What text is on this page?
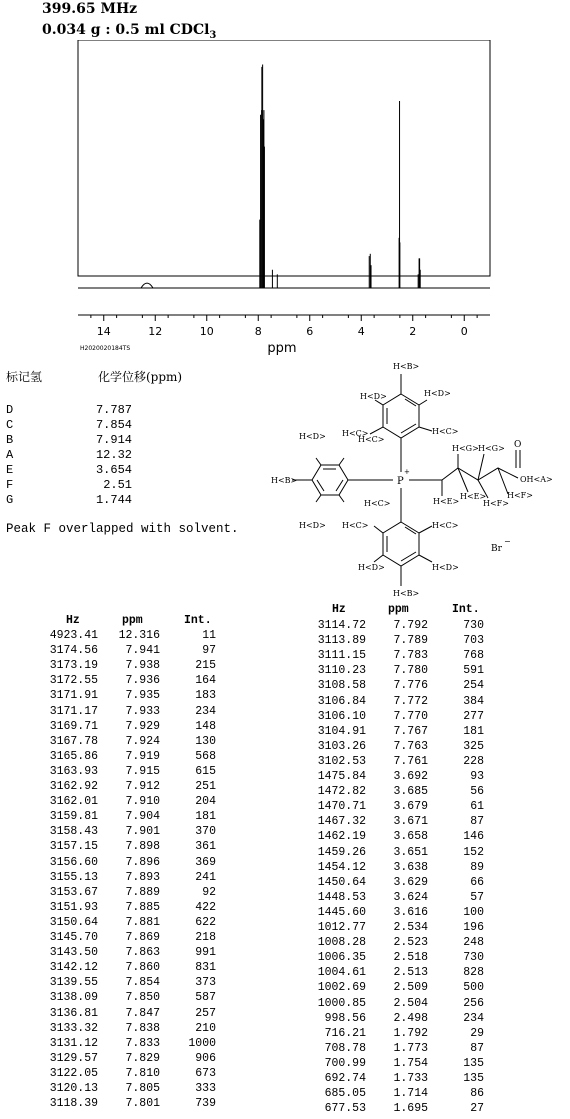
399.65 MHz
0.034 g : 0.5 ml CDCl$_3$
14	12	10	8	6	4	2	0
H2020020184TS	ppm
标记氢	化学位移(ppm)
D	7.787
C	7.854
B	7.914
A	12.32
E	3.654
F	2.51
G	1.744
Peak F overlapped with solvent.
H<B>
H<D>	H<D>
H<C>
H<C>
H<D> H<C>
H<B>
H<D> H<C>
P
+
H<C>
H<C>
H<D>	H<D>
H<B>
H<G> H<G>
H<E>
H<E>
H<F>
H<F>
O
OH<A>
Br
−
Hz	ppm	Int.
4923.41	12.316	11
3174.56	7.941	97
3173.19	7.938	215
3172.55	7.936	164
3171.91	7.935	183
3171.17	7.933	234
3169.71	7.929	148
3167.78	7.924	130
3165.86	7.919	568
3163.93	7.915	615
3162.92	7.912	251
3162.01	7.910	204
3159.81	7.904	181
3158.43	7.901	370
3157.15	7.898	361
3156.60	7.896	369
3155.13	7.893	241
3153.67	7.889	92
3151.93	7.885	422
3150.64	7.881	622
3145.70	7.869	218
3143.50	7.863	991
3142.12	7.860	831
3139.55	7.854	373
3138.09	7.850	587
3136.81	7.847	257
3133.32	7.838	210
3131.12	7.833	1000
3129.57	7.829	906
3122.05	7.810	673
3120.13	7.805	333
3118.39	7.801	739
Hz	ppm	Int.
3114.72	7.792	730
3113.89	7.789	703
3111.15	7.783	768
3110.23	7.780	591
3108.58	7.776	254
3106.84	7.772	384
3106.10	7.770	277
3104.91	7.767	181
3103.26	7.763	325
3102.53	7.761	228
1475.84	3.692	93
1472.82	3.685	56
1470.71	3.679	61
1467.32	3.671	87
1462.19	3.658	146
1459.26	3.651	152
1454.12	3.638	89
1450.64	3.629	66
1448.53	3.624	57
1445.60	3.616	100
1012.77	2.534	196
1008.28	2.523	248
1006.35	2.518	730
1004.61	2.513	828
1002.69	2.509	500
1000.85	2.504	256
998.56	2.498	234
716.21	1.792	29
708.78	1.773	87
700.99	1.754	135
692.74	1.733	135
685.05	1.714	86
677.53	1.695	27
